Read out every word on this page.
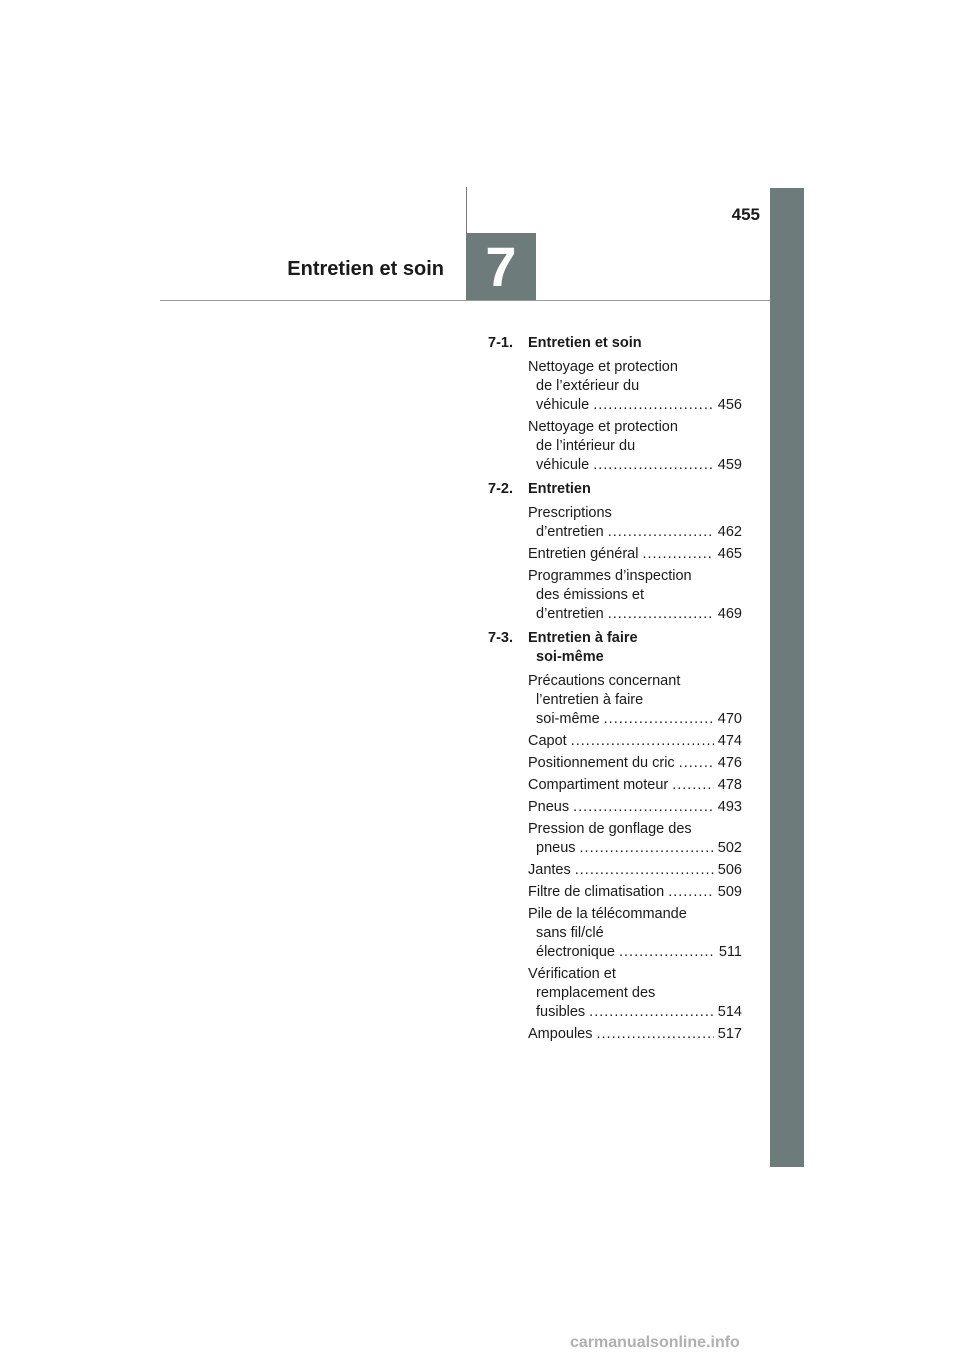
455
Entretien et soin 7
7-1. Entretien et soin
Nettoyage et protection
de l’extérieur du
véhicule .....	456
Nettoyage et protection
de l’intérieur du
véhicule .....	459
7-2. Entretien
Prescriptions
d’entretien .....	462
Entretien général .....	465
Programmes d’inspection
des émissions et
d’entretien .....	469
7-3. Entretien à faire
soi-même
Précautions concernant
l’entretien à faire
soi-même .....	470
Capot .....	474
Positionnement du cric .....	476
Compartiment moteur .....	478
Pneus .....	493
Pression de gonflage des
pneus .....	502
Jantes .....	506
Filtre de climatisation .....	509
Pile de la télécommande
sans fil/clé
électronique .....	511
Vérification et
remplacement des
fusibles .....	514
Ampoules .....	517
carmanualsonline.info
